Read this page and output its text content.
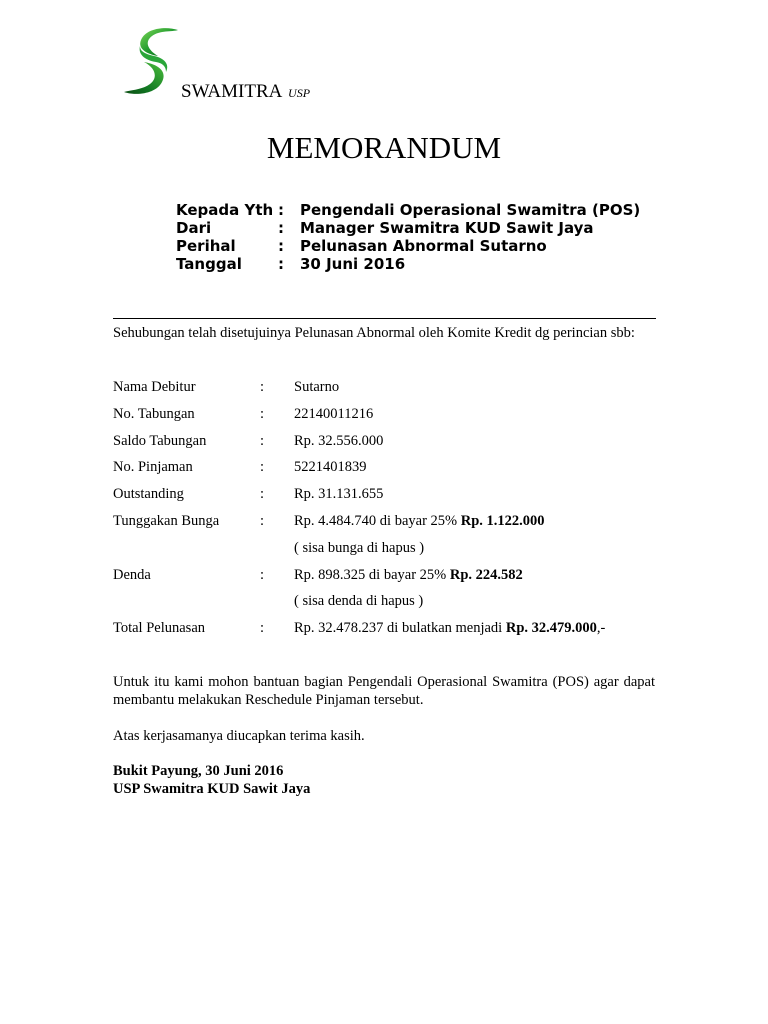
SWAMITRA USP
MEMORANDUM
Kepada Yth :	Pengendali Operasional Swamitra (POS)
Dari	:	Manager Swamitra KUD Sawit Jaya
Perihal	:	Pelunasan Abnormal Sutarno
Tanggal	:	30 Juni 2016
Sehubungan telah disetujuinya Pelunasan Abnormal oleh Komite Kredit dg perincian sbb:
Nama Debitur	:	Sutarno
No. Tabungan	:	22140011216
Saldo Tabungan	:	Rp. 32.556.000
No. Pinjaman	:	5221401839
Outstanding	:	Rp. 31.131.655
Tunggakan Bunga	:	Rp. 4.484.740 di bayar 25% Rp. 1.122.000
( sisa bunga di hapus )
Denda	:	Rp. 898.325 di bayar 25% Rp. 224.582
( sisa denda di hapus )
Total Pelunasan	:	Rp. 32.478.237 di bulatkan menjadi Rp. 32.479.000,-
Untuk itu kami mohon bantuan bagian Pengendali Operasional Swamitra (POS) agar dapat membantu melakukan Reschedule Pinjaman tersebut.
Atas kerjasamanya diucapkan terima kasih.
Bukit Payung, 30 Juni 2016
USP Swamitra KUD Sawit Jaya
